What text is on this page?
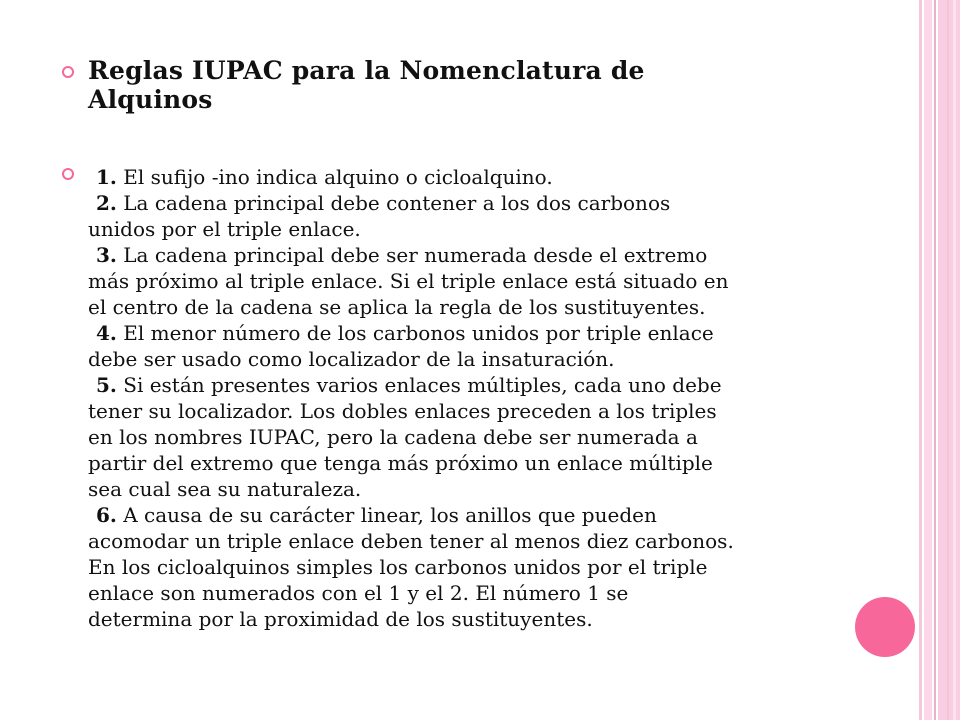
Reglas IUPAC para la Nomenclatura de
Alquinos
1. El sufijo -ino indica alquino o cicloalquino.
2. La cadena principal debe contener a los dos carbonos
unidos por el triple enlace.
3. La cadena principal debe ser numerada desde el extremo
más próximo al triple enlace. Si el triple enlace está situado en
el centro de la cadena se aplica la regla de los sustituyentes.
4. El menor número de los carbonos unidos por triple enlace
debe ser usado como localizador de la insaturación.
5. Si están presentes varios enlaces múltiples, cada uno debe
tener su localizador. Los dobles enlaces preceden a los triples
en los nombres IUPAC, pero la cadena debe ser numerada a
partir del extremo que tenga más próximo un enlace múltiple
sea cual sea su naturaleza.
6. A causa de su carácter linear, los anillos que pueden
acomodar un triple enlace deben tener al menos diez carbonos.
En los cicloalquinos simples los carbonos unidos por el triple
enlace son numerados con el 1 y el 2. El número 1 se
determina por la proximidad de los sustituyentes.
